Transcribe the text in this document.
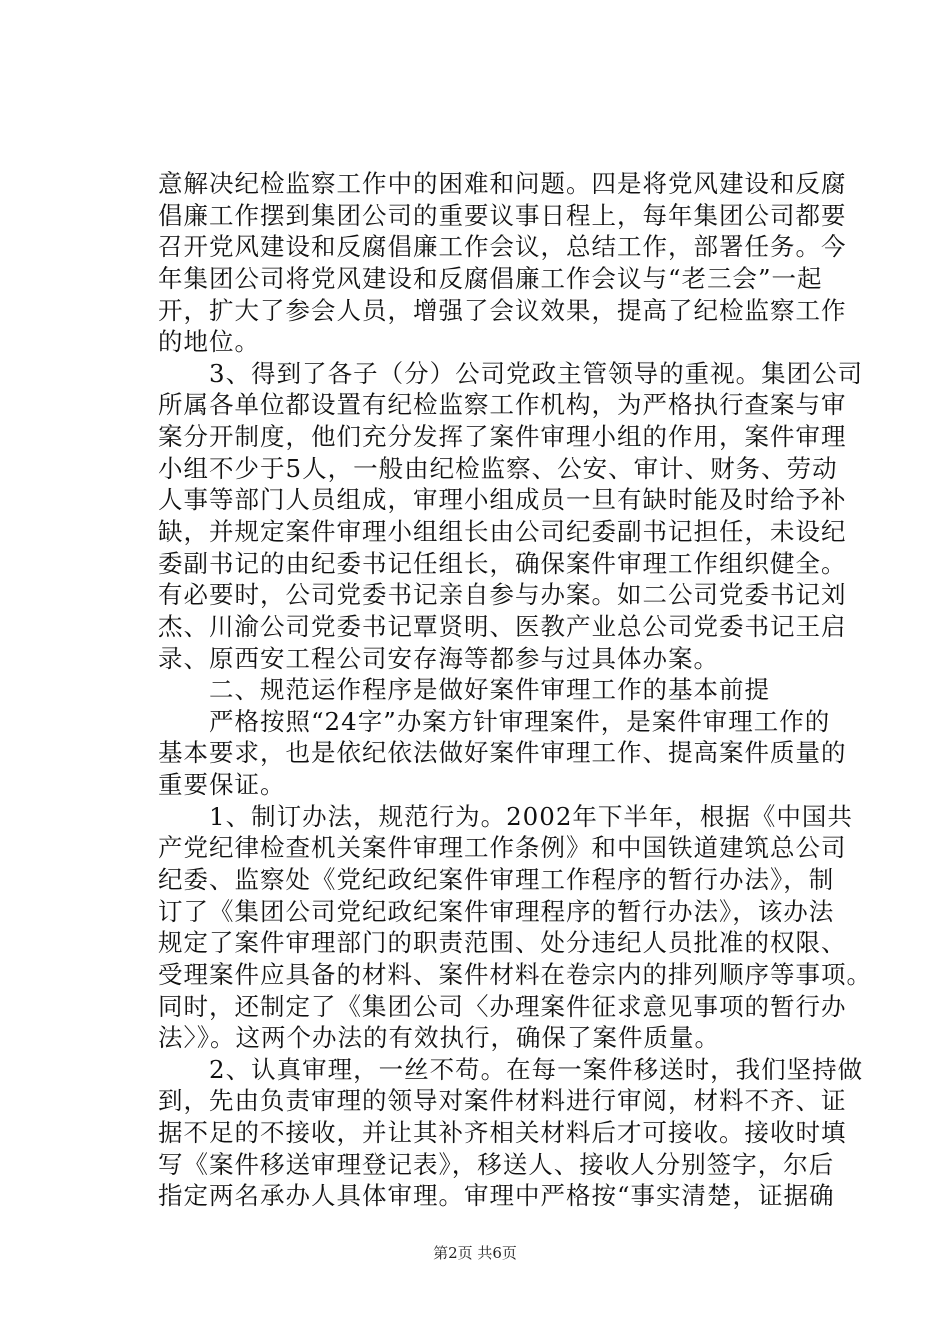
第2页 共6页
意解决纪检监察工作中的困难和问题。四是将党风建设和反腐
倡廉工作摆到集团公司的重要议事日程上，每年集团公司都要
召开党风建设和反腐倡廉工作会议，总结工作，部署任务。今
年集团公司将党风建设和反腐倡廉工作会议与“老三会”一起
开，扩大了参会人员，增强了会议效果，提高了纪检监察工作
的地位。
　　3、得到了各子（分）公司党政主管领导的重视。集团公司
所属各单位都设置有纪检监察工作机构，为严格执行查案与审
案分开制度，他们充分发挥了案件审理小组的作用，案件审理
小组不少于5人，一般由纪检监察、公安、审计、财务、劳动
人事等部门人员组成，审理小组成员一旦有缺时能及时给予补
缺，并规定案件审理小组组长由公司纪委副书记担任，未设纪
委副书记的由纪委书记任组长，确保案件审理工作组织健全。
有必要时，公司党委书记亲自参与办案。如二公司党委书记刘
杰、川渝公司党委书记覃贤明、医教产业总公司党委书记王启
录、原西安工程公司安存海等都参与过具体办案。
　　二、规范运作程序是做好案件审理工作的基本前提
　　严格按照“24字”办案方针审理案件，是案件审理工作的
基本要求，也是依纪依法做好案件审理工作、提高案件质量的
重要保证。
　　1、制订办法，规范行为。2002年下半年，根据《中国共
产党纪律检查机关案件审理工作条例》和中国铁道建筑总公司
纪委、监察处《党纪政纪案件审理工作程序的暂行办法》，制
订了《集团公司党纪政纪案件审理程序的暂行办法》，该办法
规定了案件审理部门的职责范围、处分违纪人员批准的权限、
受理案件应具备的材料、案件材料在卷宗内的排列顺序等事项。
同时，还制定了《集团公司〈办理案件征求意见事项的暂行办
法〉》。这两个办法的有效执行，确保了案件质量。
　　2、认真审理，一丝不苟。在每一案件移送时，我们坚持做
到，先由负责审理的领导对案件材料进行审阅，材料不齐、证
据不足的不接收，并让其补齐相关材料后才可接收。接收时填
写《案件移送审理登记表》，移送人、接收人分别签字，尔后
指定两名承办人具体审理。审理中严格按“事实清楚，证据确
